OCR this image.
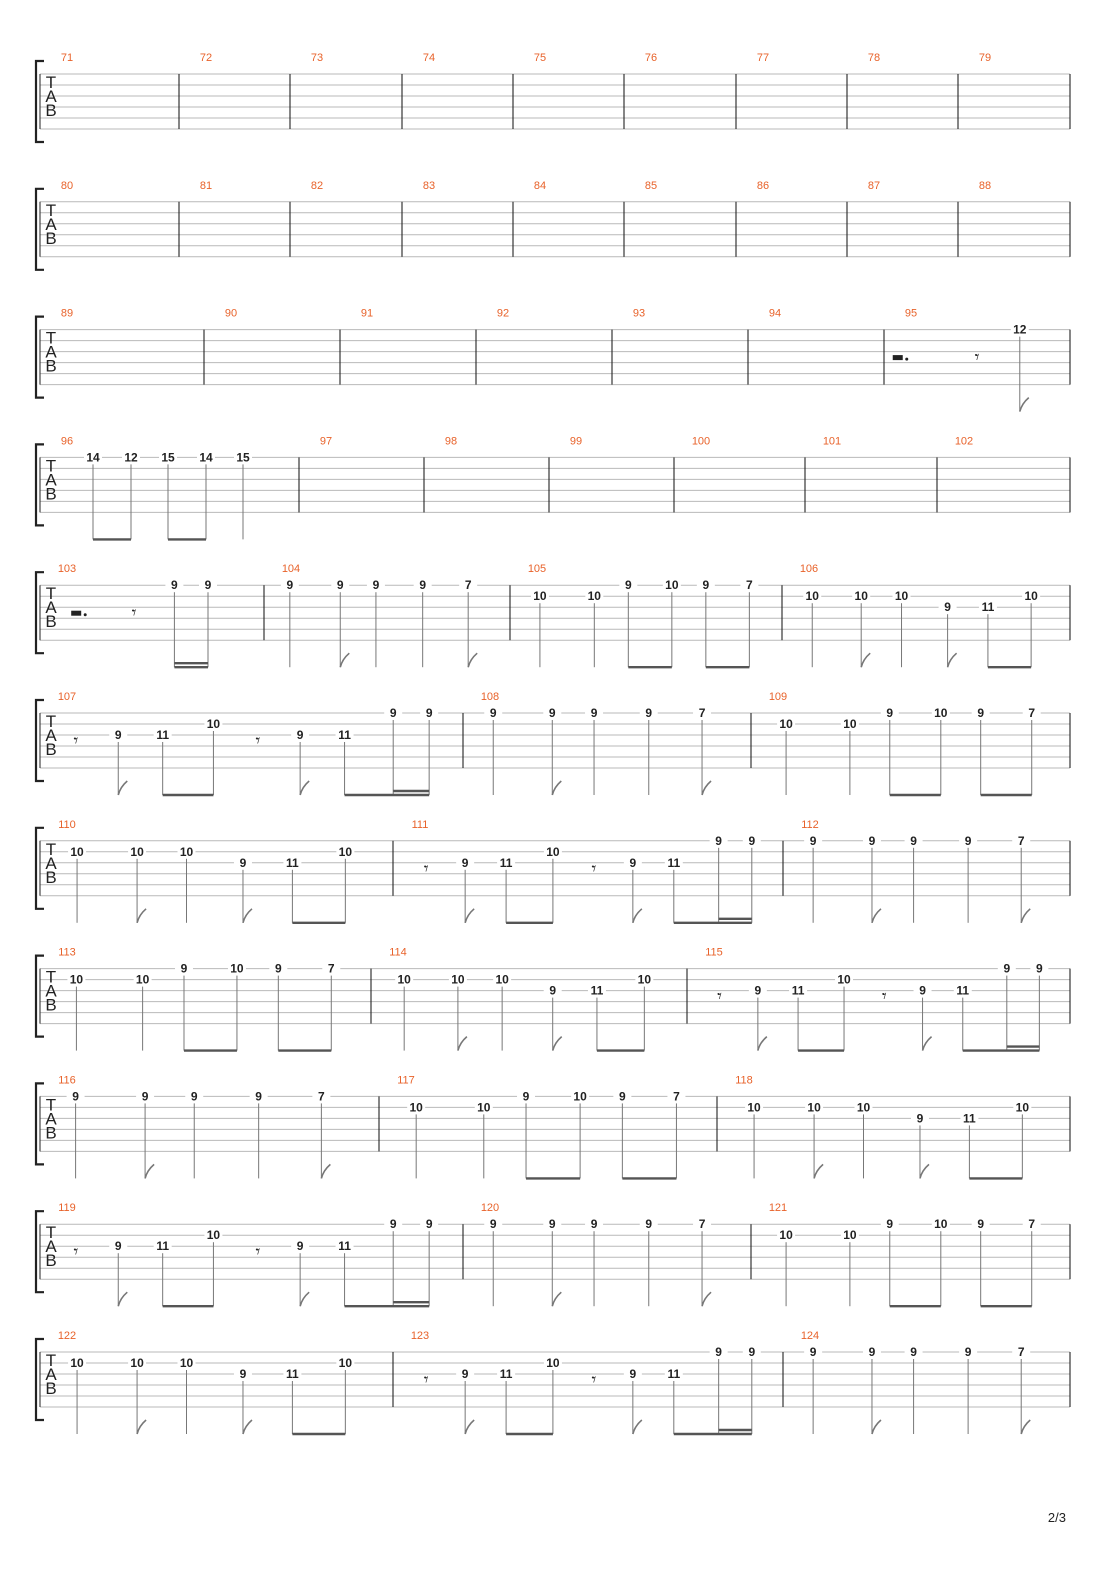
T
A
B
71	72	73	74	75	76	77	78	79
T
A
B
80	81	82	83	84	85	86	87	88
T
A
B
89	90	91	92	93	94	95
𝄾
12
T
A
B
96
14 12 15 14 15
97	98	99	100	101	102
T
A
B
103
𝄾
9 9
104
9	9 9	9	7
105
10	10
9	10 9	7
106
10	10 10
9	11
10
T
A
B
107
𝄾	9	11
10
𝄾	9	11
9 9
108
9	9	9	9	7
109
10	10
9	10 9	7
T
A
B
110
10	10	10
9	11
10
111
𝄾	9	11
10
𝄾	9	11
9 9
112
9	9	9	9	7
T
A
B
113
10	10
9	10	9	7
114
10	10	10
9	11
10
115
𝄾	9	11
10
𝄾	9	11
9 9
T
A
B
116
9	9	9	9	7
117
10	10
9	10	9	7
118
10	10	10
9	11
10
T
A
B
119
𝄾	9	11
10
𝄾	9	11
9 9
120
9	9	9	9	7
121
10	10
9	10 9	7
T
A
B
122
10	10	10
9	11
10
123
𝄾	9	11
10
𝄾	9	11
9 9
124
9	9	9	9	7
2/3
